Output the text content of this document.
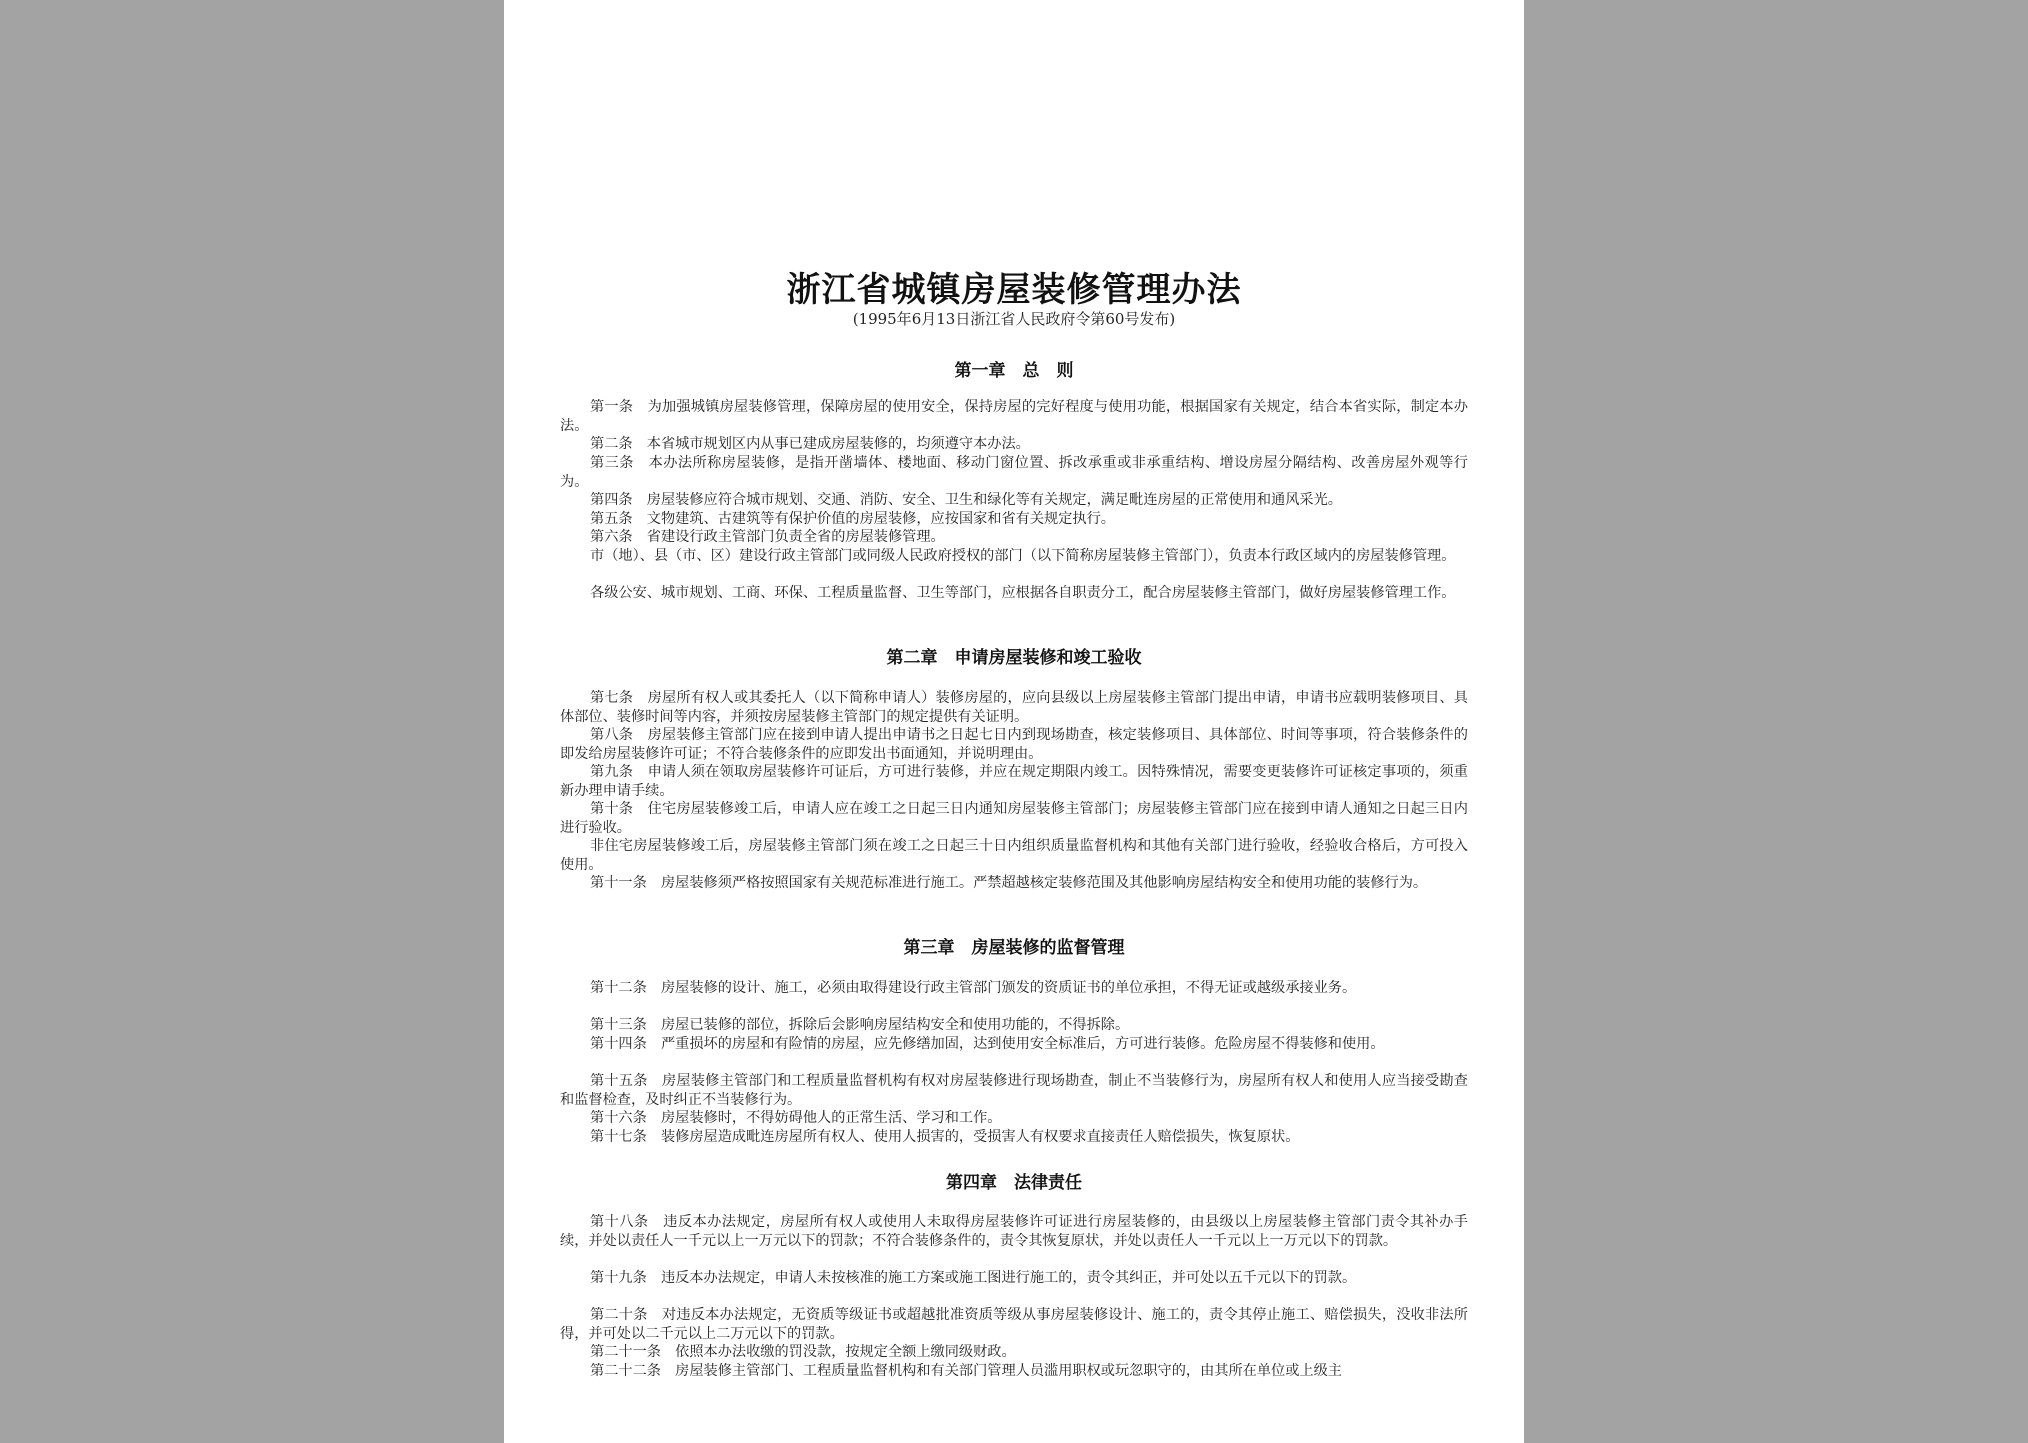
浙江省城镇房屋装修管理办法
(1995年6月13日浙江省人民政府令第60号发布)
第一章　总　则
第一条　为加强城镇房屋装修管理，保障房屋的使用安全，保持房屋的完好程度与使用功能，根据国家有关规定，结合本省实际，制定本办法。
第二条　本省城市规划区内从事已建成房屋装修的，均须遵守本办法。
第三条　本办法所称房屋装修，是指开凿墙体、楼地面、移动门窗位置、拆改承重或非承重结构、增设房屋分隔结构、改善房屋外观等行为。
第四条　房屋装修应符合城市规划、交通、消防、安全、卫生和绿化等有关规定，满足毗连房屋的正常使用和通风采光。
第五条　文物建筑、古建筑等有保护价值的房屋装修，应按国家和省有关规定执行。
第六条　省建设行政主管部门负责全省的房屋装修管理。
市（地）、县（市、区）建设行政主管部门或同级人民政府授权的部门（以下简称房屋装修主管部门），负责本行政区域内的房屋装修管理。
各级公安、城市规划、工商、环保、工程质量监督、卫生等部门，应根据各自职责分工，配合房屋装修主管部门，做好房屋装修管理工作。
第二章　申请房屋装修和竣工验收
第七条　房屋所有权人或其委托人（以下简称申请人）装修房屋的，应向县级以上房屋装修主管部门提出申请，申请书应载明装修项目、具体部位、装修时间等内容，并须按房屋装修主管部门的规定提供有关证明。
第八条　房屋装修主管部门应在接到申请人提出申请书之日起七日内到现场勘查，核定装修项目、具体部位、时间等事项，符合装修条件的即发给房屋装修许可证；不符合装修条件的应即发出书面通知，并说明理由。
第九条　申请人须在领取房屋装修许可证后，方可进行装修，并应在规定期限内竣工。因特殊情况，需要变更装修许可证核定事项的，须重新办理申请手续。
第十条　住宅房屋装修竣工后，申请人应在竣工之日起三日内通知房屋装修主管部门；房屋装修主管部门应在接到申请人通知之日起三日内进行验收。
非住宅房屋装修竣工后，房屋装修主管部门须在竣工之日起三十日内组织质量监督机构和其他有关部门进行验收，经验收合格后，方可投入使用。
第十一条　房屋装修须严格按照国家有关规范标准进行施工。严禁超越核定装修范围及其他影响房屋结构安全和使用功能的装修行为。
第三章　房屋装修的监督管理
第十二条　房屋装修的设计、施工，必须由取得建设行政主管部门颁发的资质证书的单位承担，不得无证或越级承接业务。
第十三条　房屋已装修的部位，拆除后会影响房屋结构安全和使用功能的，不得拆除。
第十四条　严重损坏的房屋和有险情的房屋，应先修缮加固，达到使用安全标准后，方可进行装修。危险房屋不得装修和使用。
第十五条　房屋装修主管部门和工程质量监督机构有权对房屋装修进行现场勘查，制止不当装修行为，房屋所有权人和使用人应当接受勘查和监督检查，及时纠正不当装修行为。
第十六条　房屋装修时，不得妨碍他人的正常生活、学习和工作。
第十七条　装修房屋造成毗连房屋所有权人、使用人损害的，受损害人有权要求直接责任人赔偿损失，恢复原状。
第四章　法律责任
第十八条　违反本办法规定，房屋所有权人或使用人未取得房屋装修许可证进行房屋装修的，由县级以上房屋装修主管部门责令其补办手续，并处以责任人一千元以上一万元以下的罚款；不符合装修条件的，责令其恢复原状，并处以责任人一千元以上一万元以下的罚款。
第十九条　违反本办法规定，申请人未按核准的施工方案或施工图进行施工的，责令其纠正，并可处以五千元以下的罚款。
第二十条　对违反本办法规定，无资质等级证书或超越批准资质等级从事房屋装修设计、施工的，责令其停止施工、赔偿损失，没收非法所得，并可处以二千元以上二万元以下的罚款。
第二十一条　依照本办法收缴的罚没款，按规定全额上缴同级财政。
第二十二条　房屋装修主管部门、工程质量监督机构和有关部门管理人员滥用职权或玩忽职守的，由其所在单位或上级主
